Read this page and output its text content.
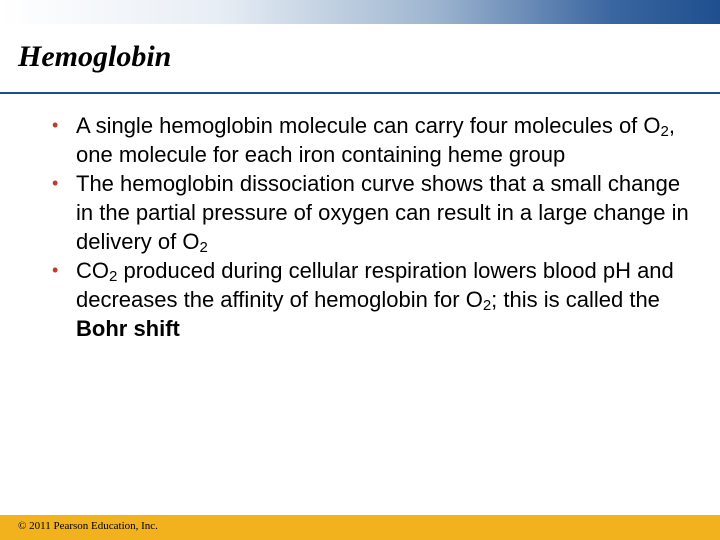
Hemoglobin
• A single hemoglobin molecule can carry four molecules of $O_2$, one molecule for each iron containing heme group
• The hemoglobin dissociation curve shows that a small change in the partial pressure of oxygen can result in a large change in delivery of $O_2$
• $CO_2$ produced during cellular respiration lowers blood pH and decreases the affinity of hemoglobin for $O_2$; this is called the Bohr shift

© 2011 Pearson Education, Inc.
